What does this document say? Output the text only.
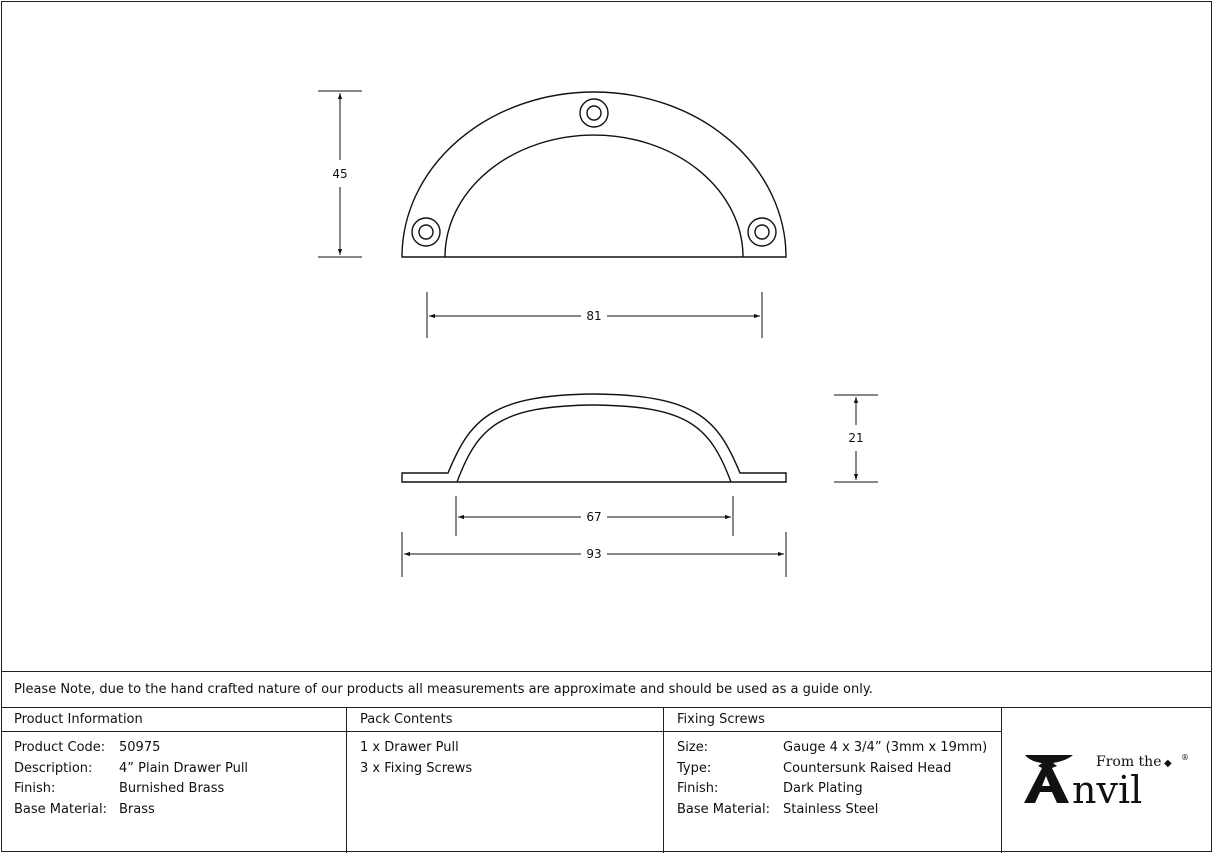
45
81
21
67
93
Please Note, due to the hand crafted nature of our products all measurements are approximate and should be used as a guide only.
Product Information
Product Code: 50975
Description: 4” Plain Drawer Pull
Finish:	Burnished Brass
Base Material: Brass
Pack Contents
1 x Drawer Pull
3 x Fixing Screws
Fixing Screws
Size:	Gauge 4 x 3/4” (3mm x 19mm)
Type:	Countersunk Raised Head
Finish:	Dark Plating
Base Material: Stainless Steel
From the ◆
®
nvil
